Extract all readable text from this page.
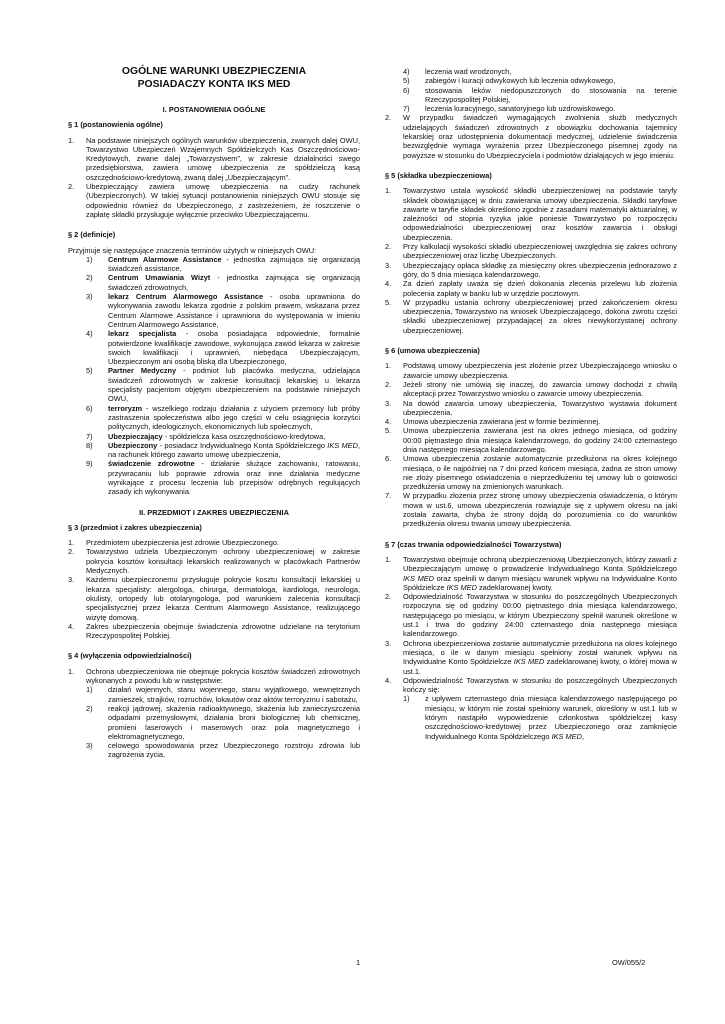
OGÓLNE WARUNKI UBEZPIECZENIA
POSIADACZY KONTA IKS MED
I. POSTANOWIENIA OGÓLNE
§ 1 (postanowienia ogólne)
1.	Na podstawie niniejszych ogólnych warunków ubezpieczenia, zwanych dalej OWU, Towarzystwo Ubezpieczeń Wzajemnych Spółdzielczych Kas Oszczędnościowo-Kredytowych, zwane dalej „Towarzystwem”, w zakresie działalności swego przedsiębiorstwa, zawiera umowę ubezpieczenia ze spółdzielczą kasą oszczędnościowo-kredytową, zwaną dalej „Ubezpieczającym”.
2.	Ubezpieczający zawiera umowę ubezpieczenia na cudzy rachunek (Ubezpieczonych). W takiej sytuacji postanowienia niniejszych OWU stosuje się odpowiednio również do Ubezpieczonego, z zastrzeżeniem, że roszczenie o zapłatę składki przysługuje wyłącznie przeciwko Ubezpieczającemu.
§ 2 (definicje)
Przyjmuje się następujące znaczenia terminów użytych w niniejszych OWU:
1)	Centrum Alarmowe Assistance - jednostka zajmująca się organizacją świadczeń assistance,
2)	Centrum Umawiania Wizyt - jednostka zajmująca się organizacją świadczeń zdrowotnych,
3)	lekarz Centrum Alarmowego Assistance - osoba uprawniona do wykonywania zawodu lekarza zgodnie z polskim prawem, wskazana przez Centrum Alarmowe Assistance i uprawniona do występowania w imieniu Centrum Alarmowego Assistance,
4)	lekarz specjalista - osoba posiadająca odpowiednie, formalnie potwierdzone kwalifikacje zawodowe, wykonująca zawód lekarza w zakresie swoich kwalifikacji i uprawnień, niebędąca Ubezpieczającym, Ubezpieczonym ani osobą bliską dla Ubezpieczonego,
5)	Partner Medyczny - podmiot lub placówka medyczna, udzielająca świadczeń zdrowotnych w zakresie konsultacji lekarskiej u lekarza specjalisty pacjentom objętym ubezpieczeniem na podstawie niniejszych OWU,
6)	terroryzm - wszelkiego rodzaju działania z użyciem przemocy lub próby zastraszenia społeczeństwa albo jego części w celu osiągnięcia korzyści politycznych, ideologicznych, ekonomicznych lub społecznych,
7)	Ubezpieczający - spółdzielcza kasa oszczędnościowo-kredytowa,
8)	Ubezpieczony - posiadacz Indywidualnego Konta Spółdzielczego IKS MED, na rachunek którego zawarto umowę ubezpieczenia,
9)	świadczenie zdrowotne - działanie służące zachowaniu, ratowaniu, przywracaniu lub poprawie zdrowia oraz inne działania medyczne wynikające z procesu leczenia lub przepisów odrębnych regulujących zasady ich wykonywania.
II. PRZEDMIOT I ZAKRES UBEZPIECZENIA
§ 3 (przedmiot i zakres ubezpieczenia)
1.	Przedmiotem ubezpieczenia jest zdrowie Ubezpieczonego.
2.	Towarzystwo udziela Ubezpieczonym ochrony ubezpieczeniowej w zakresie pokrycia kosztów konsultacji lekarskich realizowanych w placówkach Partnerów Medycznych.
3.	Każdemu ubezpieczonemu przysługuje pokrycie kosztu konsultacji lekarskiej u lekarza specjalisty: alergologa, chirurga, dermatologa, kardiologa, neurologa, okulisty, ortopedy lub otolaryngologa, pod warunkiem zalecenia konsultacji specjalistycznej przez lekarza Centrum Alarmowego Assistance, realizującego wizytę domową.
4.	Zakres ubezpieczenia obejmuje świadczenia zdrowotne udzielane na terytorium Rzeczypospolitej Polskiej.
§ 4 (wyłączenia odpowiedzialności)
1.	Ochrona ubezpieczeniowa nie obejmuje pokrycia kosztów świadczeń zdrowotnych wykonanych z powodu lub w następstwie:
1)	działań wojennych, stanu wojennego, stanu wyjątkowego, wewnętrznych zamieszek, strajków, rozruchów, lokautów oraz aktów terroryzmu i sabotażu,
2)	reakcji jądrowej, skażenia radioaktywnego, skażenia lub zanieczyszczenia odpadami przemysłowymi, działania broni biologicznej lub chemicznej, promieni laserowych i maserowych oraz pola magnetycznego i elektromagnetycznego,
3)	celowego spowodowania przez Ubezpieczonego rozstroju zdrowia lub zagrożenia życia,
4)	leczenia wad wrodzonych,
5)	zabiegów i kuracji odwykowych lub leczenia odwykowego,
6)	stosowania leków niedopuszczonych do stosowania na terenie Rzeczypospolitej Polskiej,
7)	leczenia kuracyjnego, sanatoryjnego lub uzdrowiskowego.
2.	W przypadku świadczeń wymagających zwolnienia służb medycznych udzielających świadczeń zdrowotnych z obowiązku dochowania tajemnicy lekarskiej oraz udostępnienia dokumentacji medycznej, udzielenie świadczenia bezwzględnie wymaga wyrażenia przez Ubezpieczonego pisemnej zgody na powyższe w stosunku do Ubezpieczyciela i podmiotów działających w jego imieniu.
§ 5 (składka ubezpieczeniowa)
1.	Towarzystwo ustala wysokość składki ubezpieczeniowej na podstawie taryfy składek obowiązującej w dniu zawierania umowy ubezpieczenia. Składki taryfowe zawarte w taryfie składek określono zgodnie z zasadami matematyki aktuarialnej, w zależności od stopnia ryzyka jakie poniesie Towarzystwo po rozpoczęciu odpowiedzialności ubezpieczeniowej oraz kosztów zawarcia i obsługi ubezpieczenia.
2.	Przy kalkulacji wysokości składki ubezpieczeniowej uwzględnia się zakres ochrony ubezpieczeniowej oraz liczbę Ubezpieczonych.
3.	Ubezpieczający opłaca składkę za miesięczny okres ubezpieczenia jednorazowo z góry, do 5 dnia miesiąca kalendarzowego.
4.	Za dzień zapłaty uważa się dzień dokonania zlecenia przelewu lub złożenia polecenia zapłaty w banku lub w urzędzie pocztowym.
5.	W przypadku ustania ochrony ubezpieczeniowej przed zakończeniem okresu ubezpieczenia, Towarzystwo na wniosek Ubezpieczającego, dokona zwrotu części składki ubezpieczeniowej przypadającej za okres niewykorzystanej ochrony ubezpieczeniowej.
§ 6 (umowa ubezpieczenia)
1.	Podstawą umowy ubezpieczenia jest złożenie przez Ubezpieczającego wniosku o zawarcie umowy ubezpieczenia.
2.	Jeżeli strony nie umówią się inaczej, do zawarcia umowy dochodzi z chwilą akceptacji przez Towarzystwo wniosku o zawarcie umowy ubezpieczenia.
3.	Na dowód zawarcia umowy ubezpieczenia, Towarzystwo wystawia dokument ubezpieczenia.
4.	Umowa ubezpieczenia zawierana jest w formie bezimiennej.
5.	Umowa ubezpieczenia zawierana jest na okres jednego miesiąca, od godziny 00:00 piętnastego dnia miesiąca kalendarzowego, do godziny 24:00 czternastego dnia następnego miesiąca kalendarzowego.
6.	Umowa ubezpieczenia zostanie automatycznie przedłużona na okres kolejnego miesiąca, o ile najpóźniej na 7 dni przed końcem miesiąca, żadna ze stron umowy nie złoży pisemnego oświadczenia o nieprzedłużeniu tej umowy lub o gotowości przedłużenia umowy na zmienionych warunkach.
7.	W przypadku złożenia przez stronę umowy ubezpieczenia oświadczenia, o którym mowa w ust.6, umowa ubezpieczenia rozwiązuje się z upływem okresu na jaki została zawarta, chyba że strony dojdą do porozumienia co do warunków przedłużenia okresu trwania umowy ubezpieczenia.
§ 7 (czas trwania odpowiedzialności Towarzystwa)
1.	Towarzystwo obejmuje ochroną ubezpieczeniową Ubezpieczonych, którzy zawarli z Ubezpieczającym umowę o prowadzenie Indywidualnego Konta Spółdzielczego IKS MED oraz spełnili w danym miesiącu warunek wpływu na Indywidualne Konto Spółdzielcze IKS MED zadeklarowanej kwoty.
2.	Odpowiedzialność Towarzystwa w stosunku do poszczególnych Ubezpieczonych rozpoczyna się od godziny 00:00 piętnastego dnia miesiąca kalendarzowego, następującego po miesiącu, w którym Ubezpieczony spełnił warunek określone w ust.1 i trwa do godziny 24:00 czternastego dnia następnego miesiąca kalendarzowego.
3.	Ochrona ubezpieczeniowa zostanie automatycznie przedłużona na okres kolejnego miesiąca, o ile w danym miesiącu spełniony został warunek wpływu na Indywidualne Konto Spółdzielcze IKS MED zadeklarowanej kwoty, o której mowa w ust.1.
4.	Odpowiedzialność Towarzystwa w stosunku do poszczególnych Ubezpieczonych kończy się:
1)	z upływem czternastego dnia miesiąca kalendarzowego następującego po miesiącu, w którym nie został spełniony warunek, określony w ust.1 lub w którym nastąpiło wypowiedzenie członkostwa spółdzielczej kasy oszczędnościowo-kredytowej przez Ubezpieczonego oraz zamknięcie Indywidualnego Konta Spółdzielczego IKS MED,
1	OW/055/2
